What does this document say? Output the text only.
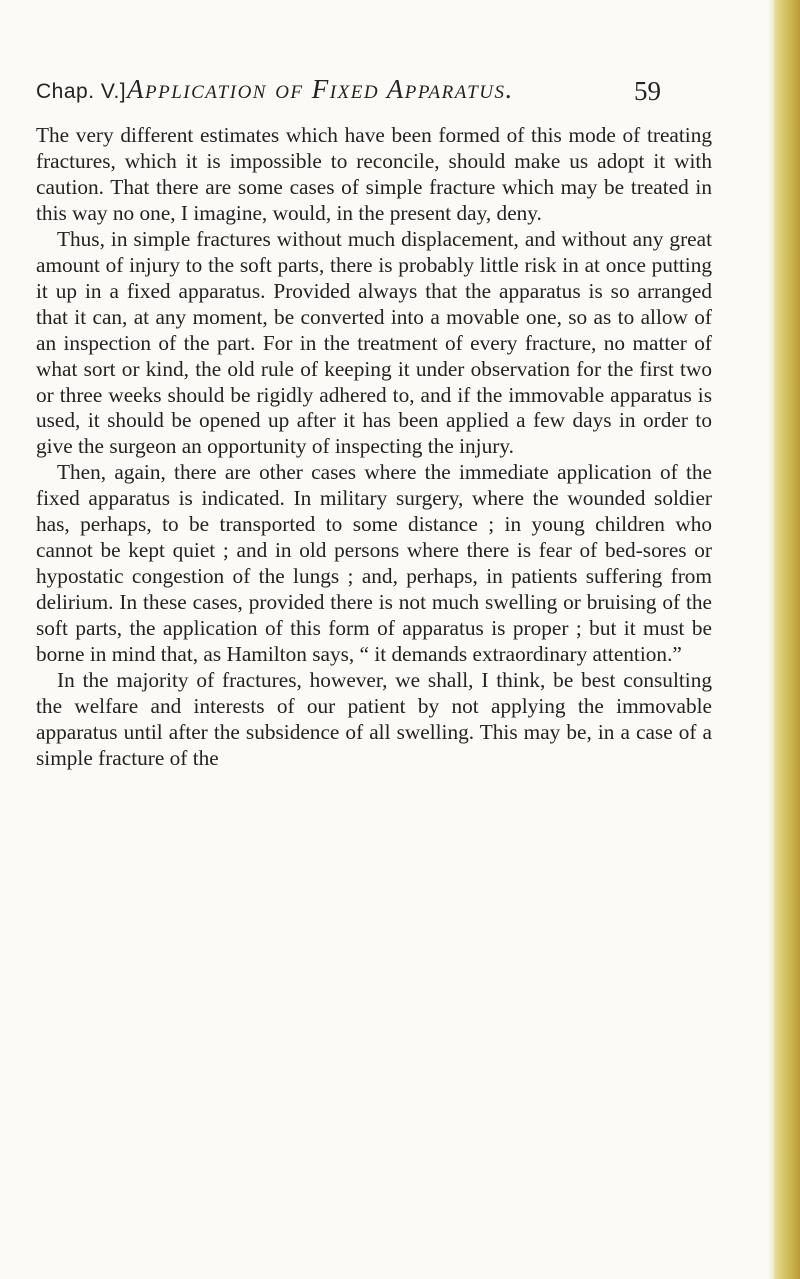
Chap. V.] Application of Fixed Apparatus.	59

The very different estimates which have been formed of this mode of treating fractures, which it is impossible to reconcile, should make us adopt it with caution. That there are some cases of simple fracture which may be treated in this way no one, I imagine, would, in the present day, deny.

Thus, in simple fractures without much displacement, and without any great amount of injury to the soft parts, there is probably little risk in at once putting it up in a fixed apparatus. Provided always that the apparatus is so arranged that it can, at any moment, be converted into a movable one, so as to allow of an inspection of the part. For in the treatment of every fracture, no matter of what sort or kind, the old rule of keeping it under observation for the first two or three weeks should be rigidly adhered to, and if the immovable apparatus is used, it should be opened up after it has been applied a few days in order to give the surgeon an opportunity of inspecting the injury.

Then, again, there are other cases where the immediate application of the fixed apparatus is indicated. In military surgery, where the wounded soldier has, perhaps, to be transported to some distance ; in young children who cannot be kept quiet ; and in old persons where there is fear of bed-sores or hypostatic congestion of the lungs ; and, perhaps, in patients suffering from delirium. In these cases, provided there is not much swelling or bruising of the soft parts, the application of this form of apparatus is proper ; but it must be borne in mind that, as Hamilton says, “ it demands extraordinary attention.”

In the majority of fractures, however, we shall, I think, be best consulting the welfare and interests of our patient by not applying the immovable apparatus until after the subsidence of all swelling. This may be, in a case of a simple fracture of the
